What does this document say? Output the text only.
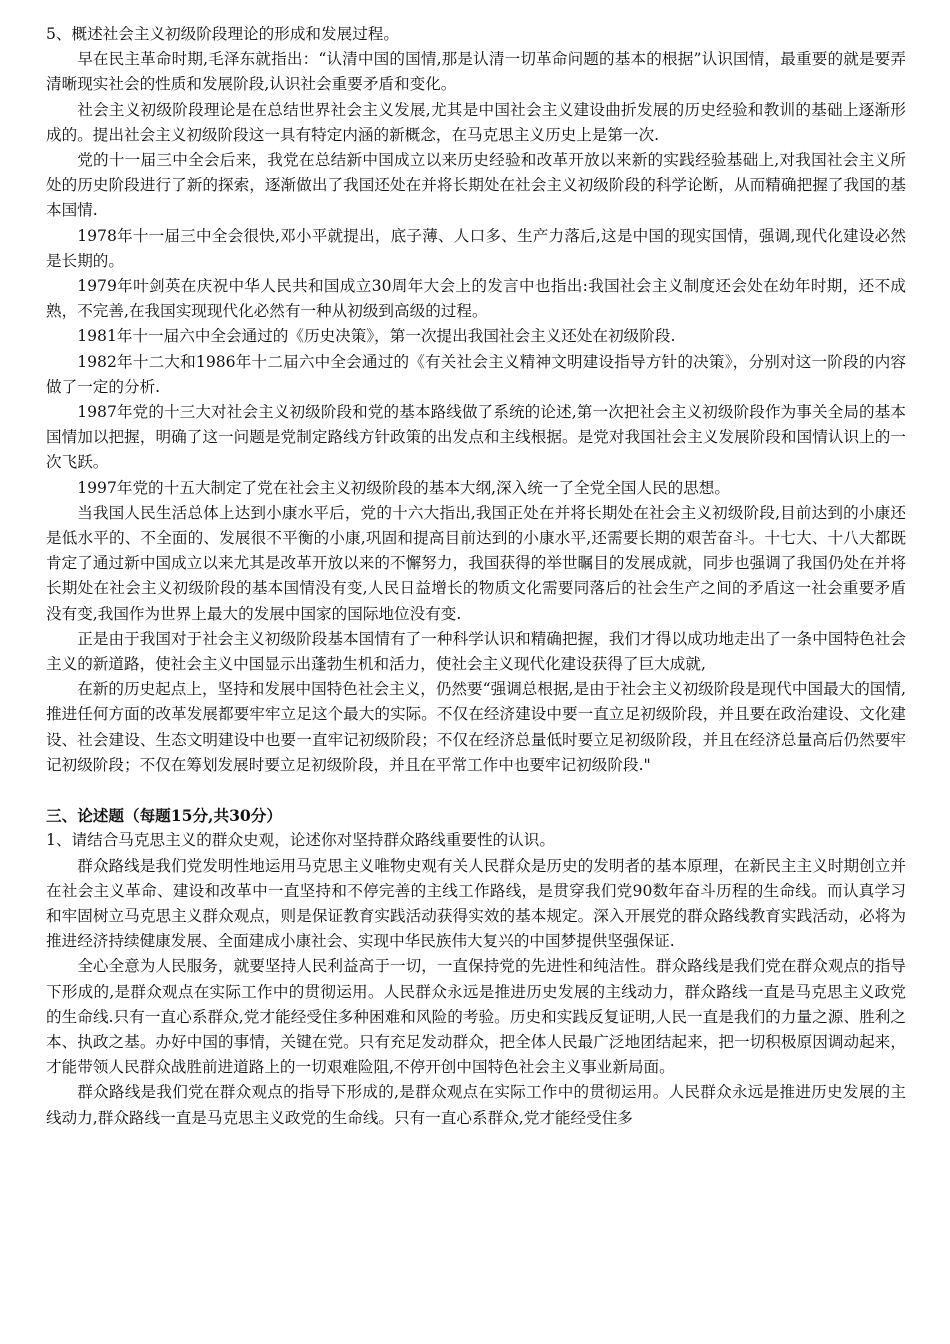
5、概述社会主义初级阶段理论的形成和发展过程。

早在民主革命时期,毛泽东就指出：“认清中国的国情,那是认清一切革命问题的基本的根据”认识国情，最重要的就是要弄清晰现实社会的性质和发展阶段,认识社会重要矛盾和变化。

社会主义初级阶段理论是在总结世界社会主义发展,尤其是中国社会主义建设曲折发展的历史经验和教训的基础上逐渐形成的。提出社会主义初级阶段这一具有特定内涵的新概念，在马克思主义历史上是第一次.

党的十一届三中全会后来，我党在总结新中国成立以来历史经验和改革开放以来新的实践经验基础上,对我国社会主义所处的历史阶段进行了新的探索，逐渐做出了我国还处在并将长期处在社会主义初级阶段的科学论断，从而精确把握了我国的基本国情.

1978年十一届三中全会很快,邓小平就提出，底子薄、人口多、生产力落后,这是中国的现实国情，强调,现代化建设必然是长期的。

1979年叶剑英在庆祝中华人民共和国成立30周年大会上的发言中也指出:我国社会主义制度还会处在幼年时期，还不成熟，不完善,在我国实现现代化必然有一种从初级到高级的过程。

1981年十一届六中全会通过的《历史决策》，第一次提出我国社会主义还处在初级阶段.

1982年十二大和1986年十二届六中全会通过的《有关社会主义精神文明建设指导方针的决策》，分别对这一阶段的内容做了一定的分析.

1987年党的十三大对社会主义初级阶段和党的基本路线做了系统的论述,第一次把社会主义初级阶段作为事关全局的基本国情加以把握，明确了这一问题是党制定路线方针政策的出发点和主线根据。是党对我国社会主义发展阶段和国情认识上的一次飞跃。

1997年党的十五大制定了党在社会主义初级阶段的基本大纲,深入统一了全党全国人民的思想。

当我国人民生活总体上达到小康水平后，党的十六大指出,我国正处在并将长期处在社会主义初级阶段,目前达到的小康还是低水平的、不全面的、发展很不平衡的小康,巩固和提高目前达到的小康水平,还需要长期的艰苦奋斗。十七大、十八大都既肯定了通过新中国成立以来尤其是改革开放以来的不懈努力，我国获得的举世瞩目的发展成就，同步也强调了我国仍处在并将长期处在社会主义初级阶段的基本国情没有变,人民日益增长的物质文化需要同落后的社会生产之间的矛盾这一社会重要矛盾没有变,我国作为世界上最大的发展中国家的国际地位没有变.

正是由于我国对于社会主义初级阶段基本国情有了一种科学认识和精确把握，我们才得以成功地走出了一条中国特色社会主义的新道路，使社会主义中国显示出蓬勃生机和活力，使社会主义现代化建设获得了巨大成就,

在新的历史起点上，坚持和发展中国特色社会主义，仍然要“强调总根据,是由于社会主义初级阶段是现代中国最大的国情,推进任何方面的改革发展都要牢牢立足这个最大的实际。不仅在经济建设中要一直立足初级阶段，并且要在政治建设、文化建设、社会建设、生态文明建设中也要一直牢记初级阶段；不仅在经济总量低时要立足初级阶段，并且在经济总量高后仍然要牢记初级阶段；不仅在筹划发展时要立足初级阶段，并且在平常工作中也要牢记初级阶段."

三、论述题（每题15分,共30分）

1、请结合马克思主义的群众史观，论述你对坚持群众路线重要性的认识。

群众路线是我们党发明性地运用马克思主义唯物史观有关人民群众是历史的发明者的基本原理，在新民主主义时期创立并在社会主义革命、建设和改革中一直坚持和不停完善的主线工作路线，是贯穿我们党90数年奋斗历程的生命线。而认真学习和牢固树立马克思主义群众观点，则是保证教育实践活动获得实效的基本规定。深入开展党的群众路线教育实践活动，必将为推进经济持续健康发展、全面建成小康社会、实现中华民族伟大复兴的中国梦提供坚强保证.

全心全意为人民服务，就要坚持人民利益高于一切，一直保持党的先进性和纯洁性。群众路线是我们党在群众观点的指导下形成的,是群众观点在实际工作中的贯彻运用。人民群众永远是推进历史发展的主线动力，群众路线一直是马克思主义政党的生命线.只有一直心系群众,党才能经受住多种困难和风险的考验。历史和实践反复证明,人民一直是我们的力量之源、胜利之本、执政之基。办好中国的事情，关键在党。只有充足发动群众，把全体人民最广泛地团结起来，把一切积极原因调动起来，才能带领人民群众战胜前进道路上的一切艰难险阻,不停开创中国特色社会主义事业新局面。

群众路线是我们党在群众观点的指导下形成的,是群众观点在实际工作中的贯彻运用。人民群众永远是推进历史发展的主线动力,群众路线一直是马克思主义政党的生命线。只有一直心系群众,党才能经受住多
